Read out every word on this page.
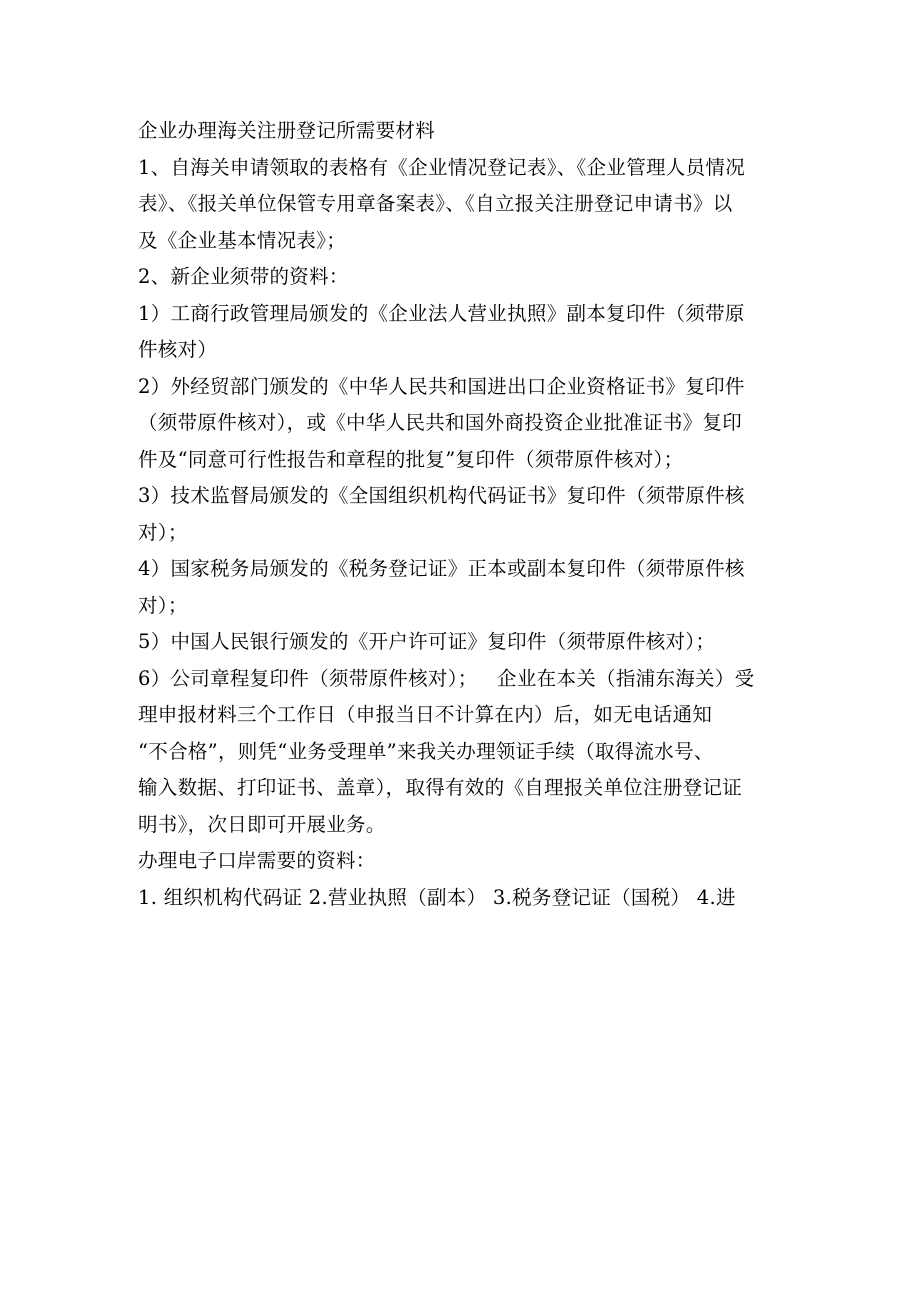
企业办理海关注册登记所需要材料
1、自海关申请领取的表格有《企业情况登记表》、《企业管理人员情况
表》、《报关单位保管专用章备案表》、《自立报关注册登记申请书》以
及《企业基本情况表》；
2、新企业须带的资料：
1）工商行政管理局颁发的《企业法人营业执照》副本复印件（须带原
件核对）
2）外经贸部门颁发的《中华人民共和国进出口企业资格证书》复印件
（须带原件核对），或《中华人民共和国外商投资企业批准证书》复印
件及“同意可行性报告和章程的批复”复印件（须带原件核对）；
3）技术监督局颁发的《全国组织机构代码证书》复印件（须带原件核
对）；
4）国家税务局颁发的《税务登记证》正本或副本复印件（须带原件核
对）；
5）中国人民银行颁发的《开户许可证》复印件（须带原件核对）；
6）公司章程复印件（须带原件核对）；   企业在本关（指浦东海关）受
理申报材料三个工作日（申报当日不计算在内）后，如无电话通知
“不合格”，则凭“业务受理单”来我关办理领证手续（取得流水号、
输入数据、打印证书、盖章），取得有效的《自理报关单位注册登记证
明书》，次日即可开展业务。
办理电子口岸需要的资料：
1. 组织机构代码证 2.营业执照（副本） 3.税务登记证（国税） 4.进
